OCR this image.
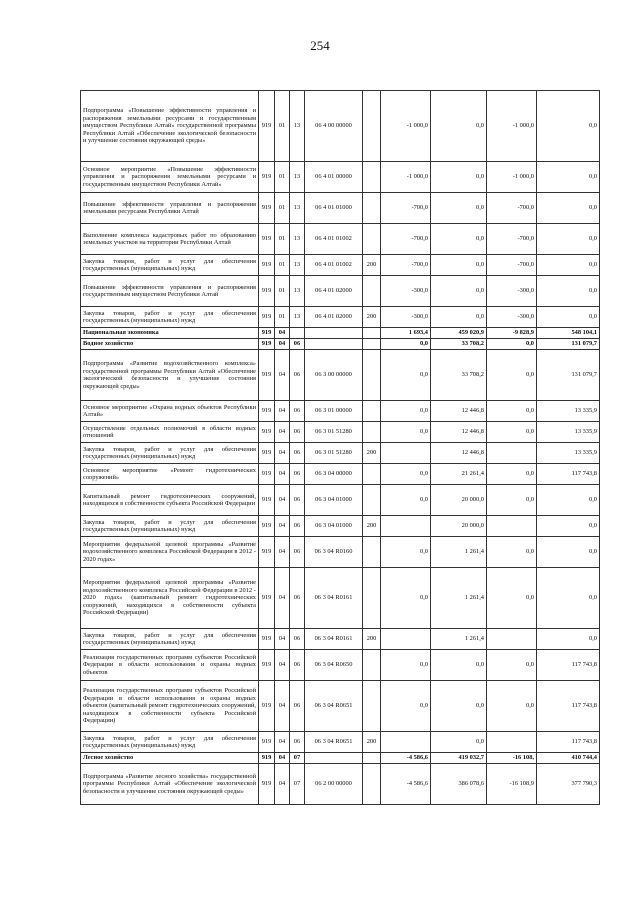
254
Подпрограмма «Повышение эффективности управления и распоряжения земельными ресурсами и государственным имуществом Республики Алтай» государственной программы Республики Алтай «Обеспечение экологической безопасности и улучшение состояния окружающей среды»	919	01	13	06 4 00 00000		-1 000,0	0,0	-1 000,0	0,0
Основное мероприятие «Повышение эффективности управления и распоряжения земельными ресурсами и государственным имуществом Республики Алтай»	919	01	13	06 4 01 00000		-1 000,0	0,0	-1 000,0	0,0
Повышение эффективности управления и распоряжения земельными ресурсами Республики Алтай	919	01	13	06 4 01 01000		-700,0	0,0	-700,0	0,0
Выполнение комплекса кадастровых работ по образованию земельных участков на территории Республики Алтай	919	01	13	06 4 01 01002		-700,0	0,0	-700,0	0,0
Закупка товаров, работ и услуг для обеспечения государственных (муниципальных) нужд	919	01	13	06 4 01 01002	200	-700,0	0,0	-700,0	0,0
Повышение эффективности управления и распоряжения государственным имуществом Республики Алтай	919	01	13	06 4 01 02000		-300,0	0,0	-300,0	0,0
Закупка товаров, работ и услуг для обеспечения государственных (муниципальных) нужд	919	01	13	06 4 01 02000	200	-300,0	0,0	-300,0	0,0
Национальная экономика	919	04				1 693,4	459 020,9	-9 828,9	548 104,1
Водное хозяйство	919	04	06			0,0	33 708,2	0,0	131 079,7
Подпрограмма «Развитие водохозяйственного комплекса» государственной программы Республики Алтай «Обеспечение экологической безопасности и улучшение состояния окружающей среды»	919	04	06	06 3 00 00000		0,0	33 708,2	0,0	131 079,7
Основное мероприятие «Охрана водных объектов Республики Алтай»	919	04	06	06 3 01 00000		0,0	12 446,8	0,0	13 335,9
Осуществление отдельных полномочий в области водных отношений	919	04	06	06 3 01 51280		0,0	12 446,8	0,0	13 335,9
Закупка товаров, работ и услуг для обеспечения государственных (муниципальных) нужд	919	04	06	06 3 01 51280	200		12 446,8		13 335,9
Основное мероприятие «Ремонт гидротехнических сооружений»	919	04	06	06 3 04 00000		0,0	21 261,4	0,0	117 743,8
Капитальный ремонт гидротехнических сооружений, находящихся в собственности субъекта Российской Федерации	919	04	06	06 3 04 01000		0,0	20 000,0	0,0	0,0
Закупка товаров, работ и услуг для обеспечения государственных (муниципальных) нужд	919	04	06	06 3 04 01000	200		20 000,0		0,0
Мероприятия федеральной целевой программы «Развитие водохозяйственного комплекса Российской Федерации в 2012 - 2020 годах»	919	04	06	06 3 04 R0160		0,0	1 261,4	0,0	0,0
Мероприятия федеральной целевой программы «Развитие водохозяйственного комплекса Российской Федерации в 2012 - 2020 годах» (капитальный ремонт гидротехнических сооружений, находящихся в собственности субъекта Российской Федерации)	919	04	06	06 3 04 R0161		0,0	1 261,4	0,0	0,0
Закупка товаров, работ и услуг для обеспечения государственных (муниципальных) нужд	919	04	06	06 3 04 R0161	200		1 261,4		0,0
Реализация государственных программ субъектов Российской Федерации в области использования и охраны водных объектов	919	04	06	06 3 04 R0650		0,0	0,0	0,0	117 743,8
Реализация государственных программ субъектов Российской Федерации в области использования и охраны водных объектов (капитальный ремонт гидротехнических сооружений, находящихся в собственности субъекта Российской Федерации)	919	04	06	06 3 04 R0651		0,0	0,0	0,0	117 743,8
Закупка товаров, работ и услуг для обеспечения государственных (муниципальных) нужд	919	04	06	06 3 04 R0651	200		0,0		117 743,8
Лесное хозяйство	919	04	07			-4 586,6	419 032,7	-16 108,	410 744,4
Подпрограмма «Развитие лесного хозяйства» государственной программы Республики Алтай «Обеспечение экологической безопасности и улучшение состояния окружающей среды»	919	04	07	06 2 00 00000		-4 586,6	386 078,6	-16 108,9	377 790,3
